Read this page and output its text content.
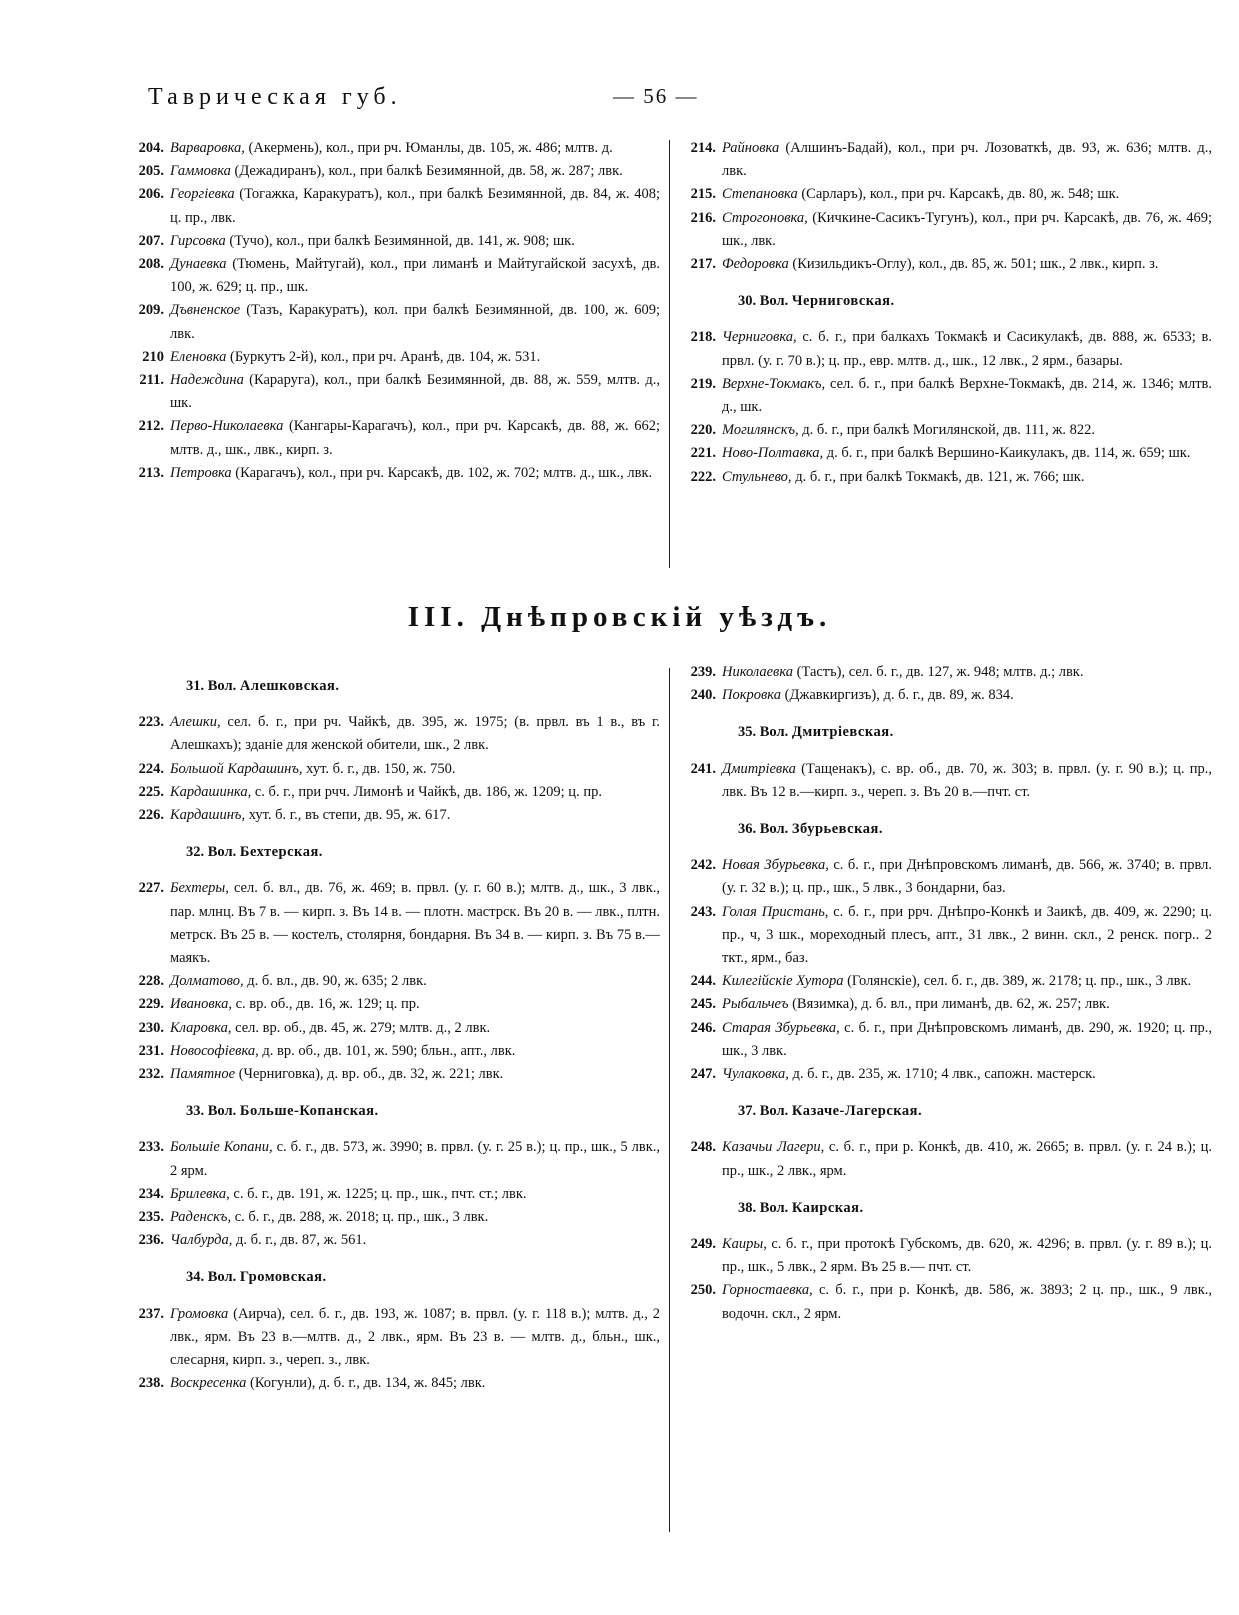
Таврическая губ.	— 56 —
204. Варваровка, (Акермень), кол., при рч. Юманлы, дв. 105, ж. 486; млтв. д.
205. Гаммовка (Дежадиранъ), кол., при балкѣ Безимянной, дв. 58, ж. 287; лвк.
206. Георгіевка (Тогажка, Каракуратъ), кол., при балкѣ Безимянной, дв. 84, ж. 408; ц. пр., лвк.
207. Гирсовка (Тучо), кол., при балкѣ Безимянной, дв. 141, ж. 908; шк.
208. Дунаевка (Тюмень, Майтугай), кол., при лиманѣ и Майтугайской засухѣ, дв. 100, ж. 629; ц. пр., шк.
209. Дъвненское (Тазъ, Каракуратъ), кол. при балкѣ Безимянной, дв. 100, ж. 609; лвк.
210 Еленовка (Буркутъ 2-й), кол., при рч. Аранѣ, дв. 104, ж. 531.
211. Надеждина (Караруга), кол., при балкѣ Безимянной, дв. 88, ж. 559, млтв. д., шк.
212. Перво-Николаевка (Кангары-Карагачъ), кол., при рч. Карсакѣ, дв. 88, ж. 662; млтв. д., шк., лвк., кирп. з.
213. Петровка (Карагачъ), кол., при рч. Карсакѣ, дв. 102, ж. 702; млтв. д., шк., лвк.
214. Райновка (Алшинъ-Бадай), кол., при рч. Лозоваткѣ, дв. 93, ж. 636; млтв. д., лвк.
215. Степановка (Сарларъ), кол., при рч. Карсакѣ, дв. 80, ж. 548; шк.
216. Строгоновка, (Кичкине-Сасикъ-Тугунъ), кол., при рч. Карсакѣ, дв. 76, ж. 469; шк., лвк.
217. Федоровка (Кизильдикъ-Оглу), кол., дв. 85, ж. 501; шк., 2 лвк., кирп. з.
30. Вол. Черниговская.
218. Черниговка, с. б. г., при балкахъ Токмакѣ и Сасикулакѣ, дв. 888, ж. 6533; в. првл. (у. г. 70 в.); ц. пр., евр. млтв. д., шк., 12 лвк., 2 ярм., базары.
219. Верхне-Токмакъ, сел. б. г., при балкѣ Верхне-Токмакѣ, дв. 214, ж. 1346; млтв. д., шк.
220. Могилянскъ, д. б. г., при балкѣ Могилянской, дв. 111, ж. 822.
221. Ново-Полтавка, д. б. г., при балкѣ Вершино-Каикулакъ, дв. 114, ж. 659; шк.
222. Стульнево, д. б. г., при балкѣ Токмакѣ, дв. 121, ж. 766; шк.
III. Днѣпровскій уѣздъ.
31. Вол. Алешковская.
223. Алешки, сел. б. г., при рч. Чайкѣ, дв. 395, ж. 1975; (в. првл. въ 1 в., въ г. Алешкахъ); зданіе для женской обители, шк., 2 лвк.
224. Большой Кардашинъ, хут. б. г., дв. 150, ж. 750.
225. Кардашинка, с. б. г., при рчч. Лимонѣ и Чайкѣ, дв. 186, ж. 1209; ц. пр.
226. Кардашинъ, хут. б. г., въ степи, дв. 95, ж. 617.
32. Вол. Бехтерская.
227. Бехтеры, сел. б. вл., дв. 76, ж. 469; в. првл. (у. г. 60 в.); млтв. д., шк., 3 лвк., пар. млнц. Въ 7 в. — кирп. з. Въ 14 в. — плотн. мастрск. Въ 20 в. — лвк., плтн. метрск. Въ 25 в. — костелъ, столярня, бондарня. Въ 34 в. — кирп. з. Въ 75 в.—маякъ.
228. Долматово, д. б. вл., дв. 90, ж. 635; 2 лвк.
229. Ивановка, с. вр. об., дв. 16, ж. 129; ц. пр.
230. Клаpовка, сел. вр. об., дв. 45, ж. 279; млтв. д., 2 лвк.
231. Новософіевка, д. вр. об., дв. 101, ж. 590; бльн., апт., лвк.
232. Памятное (Черниговка), д. вр. об., дв. 32, ж. 221; лвк.
33. Вол. Больше-Копанская.
233. Большіе Копани, с. б. г., дв. 573, ж. 3990; в. првл. (у. г. 25 в.); ц. пр., шк., 5 лвк., 2 ярм.
234. Брилевка, с. б. г., дв. 191, ж. 1225; ц. пр., шк., пчт. ст.; лвк.
235. Раденскъ, с. б. г., дв. 288, ж. 2018; ц. пр., шк., 3 лвк.
236. Чалбурда, д. б. г., дв. 87, ж. 561.
34. Вол. Громовская.
237. Громовка (Аирча), сел. б. г., дв. 193, ж. 1087; в. првл. (у. г. 118 в.); млтв. д., 2 лвк., ярм. Въ 23 в.—млтв. д., 2 лвк., ярм. Въ 23 в. — млтв. д., бльн., шк., слесарня, кирп. з., череп. з., лвк.
238. Воскресенка (Когунли), д. б. г., дв. 134, ж. 845; лвк.
239. Николаевка (Тастъ), сел. б. г., дв. 127, ж. 948; млтв. д.; лвк.
240. Покровка (Джавкиргизъ), д. б. г., дв. 89, ж. 834.
35. Вол. Дмитріевская.
241. Дмитріевка (Тащенакъ), с. вр. об., дв. 70, ж. 303; в. првл. (у. г. 90 в.); ц. пр., лвк. Въ 12 в.—кирп. з., череп. з. Въ 20 в.—пчт. ст.
36. Вол. Збурьевская.
242. Новая Збурьевка, с. б. г., при Днѣпровскомъ лиманѣ, дв. 566, ж. 3740; в. првл. (у. г. 32 в.); ц. пр., шк., 5 лвк., 3 бондарни, баз.
243. Голая Пристань, с. б. г., при ррч. Днѣпро-Конкѣ и Заикѣ, дв. 409, ж. 2290; ц. пр., ч, 3 шк., мореходный плесъ, апт., 31 лвк., 2 винн. скл., 2 ренск. погр.. 2 ткт., ярм., баз.
244. Килегійскіе Хутора (Голянскіе), сел. б. г., дв. 389, ж. 2178; ц. пр., шк., 3 лвк.
245. Рыбальчеъ (Вязимка), д. б. вл., при лиманѣ, дв. 62, ж. 257; лвк.
246. Старая Збурьевка, с. б. г., при Днѣпровскомъ лиманѣ, дв. 290, ж. 1920; ц. пр., шк., 3 лвк.
247. Чулаковка, д. б. г., дв. 235, ж. 1710; 4 лвк., сапожн. мастерск.
37. Вол. Казаче-Лагерская.
248. Казачьи Лагери, с. б. г., при р. Конкѣ, дв. 410, ж. 2665; в. првл. (у. г. 24 в.); ц. пр., шк., 2 лвк., ярм.
38. Вол. Каирская.
249. Каиры, с. б. г., при протокѣ Губскомъ, дв. 620, ж. 4296; в. првл. (у. г. 89 в.); ц. пр., шк., 5 лвк., 2 ярм. Въ 25 в.— пчт. ст.
250. Горностаевка, с. б. г., при р. Конкѣ, дв. 586, ж. 3893; 2 ц. пр., шк., 9 лвк., водочн. скл., 2 ярм.
